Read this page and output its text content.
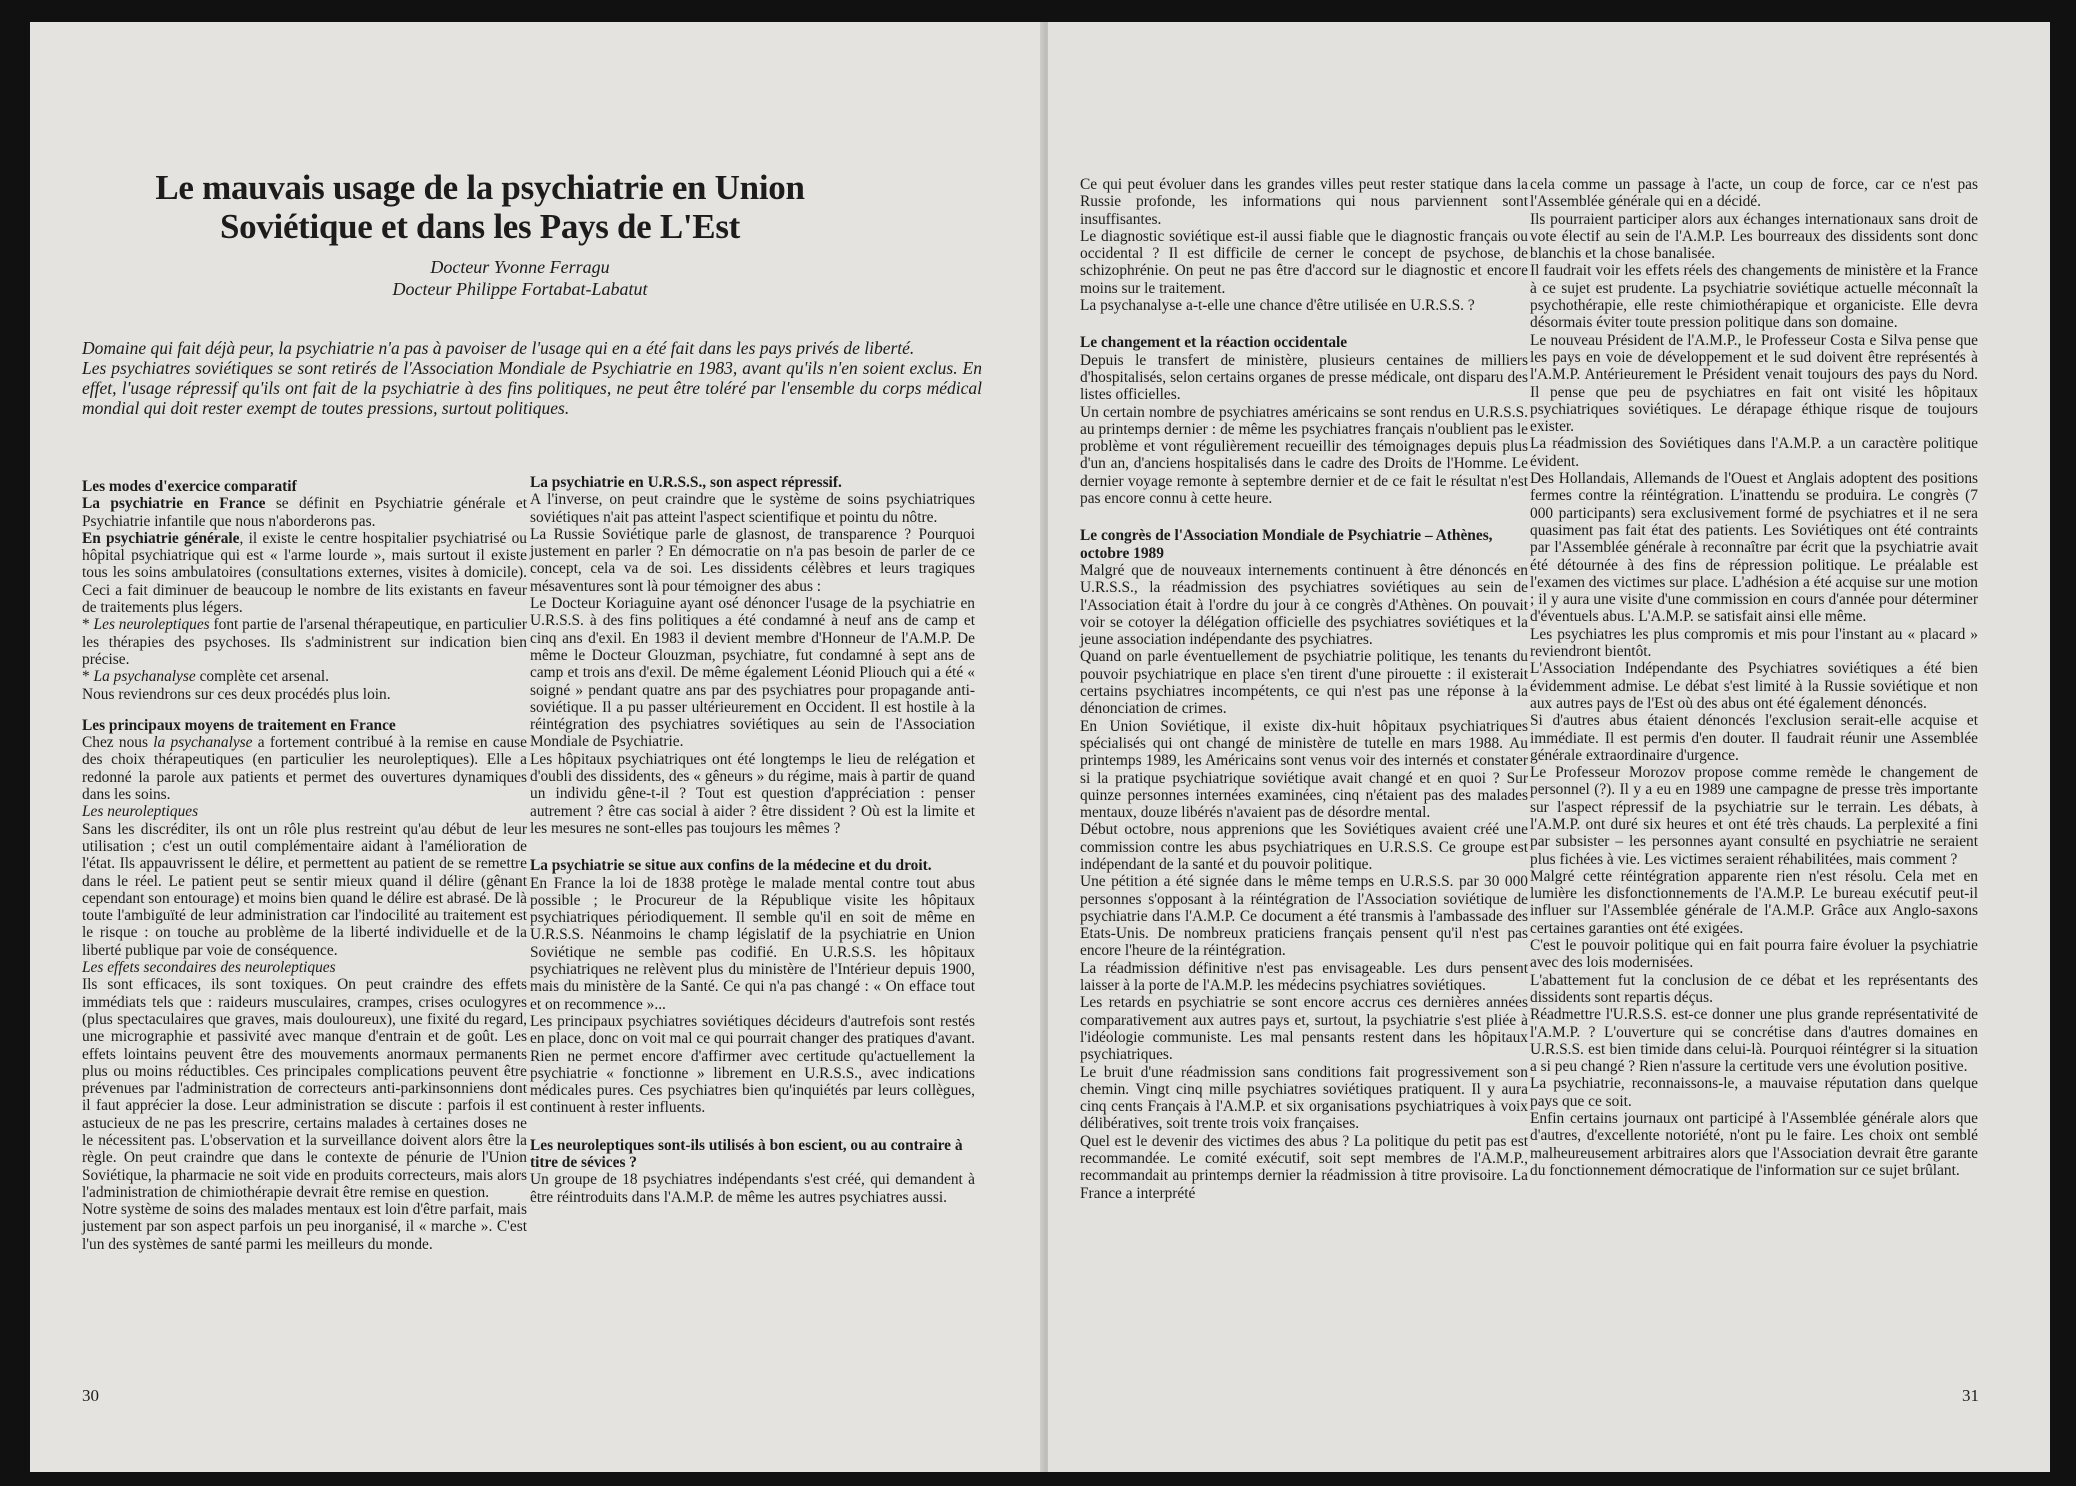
Le mauvais usage de la psychiatrie en Union Soviétique et dans les Pays de L'Est
Docteur Yvonne Ferragu
Docteur Philippe Fortabat-Labatut

Domaine qui fait déjà peur, la psychiatrie n'a pas à pavoiser de l'usage qui en a été fait dans les pays privés de liberté.

Les psychiatres soviétiques se sont retirés de l'Association Mondiale de Psychiatrie en 1983, avant qu'ils n'en soient exclus. En effet, l'usage répressif qu'ils ont fait de la psychiatrie à des fins politiques, ne peut être toléré par l'ensemble du corps médical mondial qui doit rester exempt de toutes pressions, surtout politiques.

Les modes d'exercice comparatif

La psychiatrie en France se définit en Psychiatrie générale et Psychiatrie infantile que nous n'aborderons pas.

En psychiatrie générale, il existe le centre hospitalier psychiatrisé ou hôpital psychiatrique qui est « l'arme lourde », mais surtout il existe tous les soins ambulatoires (consultations externes, visites à domicile). Ceci a fait diminuer de beaucoup le nombre de lits existants en faveur de traitements plus légers.

* Les neuroleptiques font partie de l'arsenal thérapeutique, en particulier les thérapies des psychoses. Ils s'administrent sur indication bien précise.

* La psychanalyse complète cet arsenal.

Nous reviendrons sur ces deux procédés plus loin.

Les principaux moyens de traitement en France

Chez nous la psychanalyse a fortement contribué à la remise en cause des choix thérapeutiques (en particulier les neuroleptiques). Elle a redonné la parole aux patients et permet des ouvertures dynamiques dans les soins.

Les neuroleptiques

Sans les discréditer, ils ont un rôle plus restreint qu'au début de leur utilisation ; c'est un outil complémentaire aidant à l'amélioration de l'état. Ils appauvrissent le délire, et permettent au patient de se remettre dans le réel. Le patient peut se sentir mieux quand il délire (gênant cependant son entourage) et moins bien quand le délire est abrasé. De là toute l'ambiguïté de leur administration car l'indocilité au traitement est le risque : on touche au problème de la liberté individuelle et de la liberté publique par voie de conséquence.

Les effets secondaires des neuroleptiques

Ils sont efficaces, ils sont toxiques. On peut craindre des effets immédiats tels que : raideurs musculaires, crampes, crises oculogyres (plus spectaculaires que graves, mais douloureux), une fixité du regard, une micrographie et passivité avec manque d'entrain et de goût. Les effets lointains peuvent être des mouvements anormaux permanents plus ou moins réductibles. Ces principales complications peuvent être prévenues par l'administration de correcteurs anti-parkinsonniens dont il faut apprécier la dose. Leur administration se discute : parfois il est astucieux de ne pas les prescrire, certains malades à certaines doses ne le nécessitent pas. L'observation et la surveillance doivent alors être la règle. On peut craindre que dans le contexte de pénurie de l'Union Soviétique, la pharmacie ne soit vide en produits correcteurs, mais alors l'administration de chimiothérapie devrait être remise en question.

Notre système de soins des malades mentaux est loin d'être parfait, mais justement par son aspect parfois un peu inorganisé, il « marche ». C'est l'un des systèmes de santé parmi les meilleurs du monde.

La psychiatrie en U.R.S.S., son aspect répressif.

A l'inverse, on peut craindre que le système de soins psychiatriques soviétiques n'ait pas atteint l'aspect scientifique et pointu du nôtre.

La Russie Soviétique parle de glasnost, de transparence ? Pourquoi justement en parler ? En démocratie on n'a pas besoin de parler de ce concept, cela va de soi. Les dissidents célèbres et leurs tragiques mésaventures sont là pour témoigner des abus :

Le Docteur Koriaguine ayant osé dénoncer l'usage de la psychiatrie en U.R.S.S. à des fins politiques a été condamné à neuf ans de camp et cinq ans d'exil. En 1983 il devient membre d'Honneur de l'A.M.P. De même le Docteur Glouzman, psychiatre, fut condamné à sept ans de camp et trois ans d'exil. De même également Léonid Pliouch qui a été « soigné » pendant quatre ans par des psychiatres pour propagande anti-soviétique. Il a pu passer ultérieurement en Occident. Il est hostile à la réintégration des psychiatres soviétiques au sein de l'Association Mondiale de Psychiatrie.

Les hôpitaux psychiatriques ont été longtemps le lieu de relégation et d'oubli des dissidents, des « gêneurs » du régime, mais à partir de quand un individu gêne-t-il ? Tout est question d'appréciation : penser autrement ? être cas social à aider ? être dissident ? Où est la limite et les mesures ne sont-elles pas toujours les mêmes ?

La psychiatrie se situe aux confins de la médecine et du droit.

En France la loi de 1838 protège le malade mental contre tout abus possible ; le Procureur de la République visite les hôpitaux psychiatriques périodiquement. Il semble qu'il en soit de même en U.R.S.S. Néanmoins le champ législatif de la psychiatrie en Union Soviétique ne semble pas codifié. En U.R.S.S. les hôpitaux psychiatriques ne relèvent plus du ministère de l'Intérieur depuis 1900, mais du ministère de la Santé. Ce qui n'a pas changé : « On efface tout et on recommence »...

Les principaux psychiatres soviétiques décideurs d'autrefois sont restés en place, donc on voit mal ce qui pourrait changer des pratiques d'avant. Rien ne permet encore d'affirmer avec certitude qu'actuellement la psychiatrie « fonctionne » librement en U.R.S.S., avec indications médicales pures. Ces psychiatres bien qu'inquiétés par leurs collègues, continuent à rester influents.

Les neuroleptiques sont-ils utilisés à bon escient, ou au contraire à titre de sévices ?

Un groupe de 18 psychiatres indépendants s'est créé, qui demandent à être réintroduits dans l'A.M.P. de même les autres psychiatres aussi.

Ce qui peut évoluer dans les grandes villes peut rester statique dans la Russie profonde, les informations qui nous parviennent sont insuffisantes.

Le diagnostic soviétique est-il aussi fiable que le diagnostic français ou occidental ? Il est difficile de cerner le concept de psychose, de schizophrénie. On peut ne pas être d'accord sur le diagnostic et encore moins sur le traitement.

La psychanalyse a-t-elle une chance d'être utilisée en U.R.S.S. ?

Le changement et la réaction occidentale

Depuis le transfert de ministère, plusieurs centaines de milliers d'hospitalisés, selon certains organes de presse médicale, ont disparu des listes officielles.

Un certain nombre de psychiatres américains se sont rendus en U.R.S.S. au printemps dernier : de même les psychiatres français n'oublient pas le problème et vont régulièrement recueillir des témoignages depuis plus d'un an, d'anciens hospitalisés dans le cadre des Droits de l'Homme. Le dernier voyage remonte à septembre dernier et de ce fait le résultat n'est pas encore connu à cette heure.

Le congrès de l'Association Mondiale de Psychiatrie – Athènes, octobre 1989

Malgré que de nouveaux internements continuent à être dénoncés en U.R.S.S., la réadmission des psychiatres soviétiques au sein de l'Association était à l'ordre du jour à ce congrès d'Athènes. On pouvait voir se cotoyer la délégation officielle des psychiatres soviétiques et la jeune association indépendante des psychiatres.

Quand on parle éventuellement de psychiatrie politique, les tenants du pouvoir psychiatrique en place s'en tirent d'une pirouette : il existerait certains psychiatres incompétents, ce qui n'est pas une réponse à la dénonciation de crimes.

En Union Soviétique, il existe dix-huit hôpitaux psychiatriques spécialisés qui ont changé de ministère de tutelle en mars 1988. Au printemps 1989, les Américains sont venus voir des internés et constater si la pratique psychiatrique soviétique avait changé et en quoi ? Sur quinze personnes internées examinées, cinq n'étaient pas des malades mentaux, douze libérés n'avaient pas de désordre mental.

Début octobre, nous apprenions que les Soviétiques avaient créé une commission contre les abus psychiatriques en U.R.S.S. Ce groupe est indépendant de la santé et du pouvoir politique.

Une pétition a été signée dans le même temps en U.R.S.S. par 30 000 personnes s'opposant à la réintégration de l'Association soviétique de psychiatrie dans l'A.M.P. Ce document a été transmis à l'ambassade des Etats-Unis. De nombreux praticiens français pensent qu'il n'est pas encore l'heure de la réintégration.

La réadmission définitive n'est pas envisageable. Les durs pensent laisser à la porte de l'A.M.P. les médecins psychiatres soviétiques.

Les retards en psychiatrie se sont encore accrus ces dernières années comparativement aux autres pays et, surtout, la psychiatrie s'est pliée à l'idéologie communiste. Les mal pensants restent dans les hôpitaux psychiatriques.

Le bruit d'une réadmission sans conditions fait progressivement son chemin. Vingt cinq mille psychiatres soviétiques pratiquent. Il y aura cinq cents Français à l'A.M.P. et six organisations psychiatriques à voix délibératives, soit trente trois voix françaises.

Quel est le devenir des victimes des abus ? La politique du petit pas est recommandée. Le comité exécutif, soit sept membres de l'A.M.P., recommandait au printemps dernier la réadmission à titre provisoire. La France a interprété

cela comme un passage à l'acte, un coup de force, car ce n'est pas l'Assemblée générale qui en a décidé.

Ils pourraient participer alors aux échanges internationaux sans droit de vote électif au sein de l'A.M.P. Les bourreaux des dissidents sont donc blanchis et la chose banalisée.

Il faudrait voir les effets réels des changements de ministère et la France à ce sujet est prudente. La psychiatrie soviétique actuelle méconnaît la psychothérapie, elle reste chimiothérapique et organiciste. Elle devra désormais éviter toute pression politique dans son domaine.

Le nouveau Président de l'A.M.P., le Professeur Costa e Silva pense que les pays en voie de développement et le sud doivent être représentés à l'A.M.P. Antérieurement le Président venait toujours des pays du Nord. Il pense que peu de psychiatres en fait ont visité les hôpitaux psychiatriques soviétiques. Le dérapage éthique risque de toujours exister.

La réadmission des Soviétiques dans l'A.M.P. a un caractère politique évident.

Des Hollandais, Allemands de l'Ouest et Anglais adoptent des positions fermes contre la réintégration. L'inattendu se produira. Le congrès (7 000 participants) sera exclusivement formé de psychiatres et il ne sera quasiment pas fait état des patients. Les Soviétiques ont été contraints par l'Assemblée générale à reconnaître par écrit que la psychiatrie avait été détournée à des fins de répression politique. Le préalable est l'examen des victimes sur place. L'adhésion a été acquise sur une motion ; il y aura une visite d'une commission en cours d'année pour déterminer d'éventuels abus. L'A.M.P. se satisfait ainsi elle même.

Les psychiatres les plus compromis et mis pour l'instant au « placard » reviendront bientôt.

L'Association Indépendante des Psychiatres soviétiques a été bien évidemment admise. Le débat s'est limité à la Russie soviétique et non aux autres pays de l'Est où des abus ont été également dénoncés.

Si d'autres abus étaient dénoncés l'exclusion serait-elle acquise et immédiate. Il est permis d'en douter. Il faudrait réunir une Assemblée générale extraordinaire d'urgence.

Le Professeur Morozov propose comme remède le changement de personnel (?). Il y a eu en 1989 une campagne de presse très importante sur l'aspect répressif de la psychiatrie sur le terrain. Les débats, à l'A.M.P. ont duré six heures et ont été très chauds. La perplexité a fini par subsister – les personnes ayant consulté en psychiatrie ne seraient plus fichées à vie. Les victimes seraient réhabilitées, mais comment ?

Malgré cette réintégration apparente rien n'est résolu. Cela met en lumière les disfonctionnements de l'A.M.P. Le bureau exécutif peut-il influer sur l'Assemblée générale de l'A.M.P. Grâce aux Anglo-saxons certaines garanties ont été exigées.

C'est le pouvoir politique qui en fait pourra faire évoluer la psychiatrie avec des lois modernisées.

L'abattement fut la conclusion de ce débat et les représentants des dissidents sont repartis déçus.

Réadmettre l'U.R.S.S. est-ce donner une plus grande représentativité de l'A.M.P. ? L'ouverture qui se concrétise dans d'autres domaines en U.R.S.S. est bien timide dans celui-là. Pourquoi réintégrer si la situation a si peu changé ? Rien n'assure la certitude vers une évolution positive.

La psychiatrie, reconnaissons-le, a mauvaise réputation dans quelque pays que ce soit.

Enfin certains journaux ont participé à l'Assemblée générale alors que d'autres, d'excellente notoriété, n'ont pu le faire. Les choix ont semblé malheureusement arbitraires alors que l'Association devrait être garante du fonctionnement démocratique de l'information sur ce sujet brûlant.

30	31
